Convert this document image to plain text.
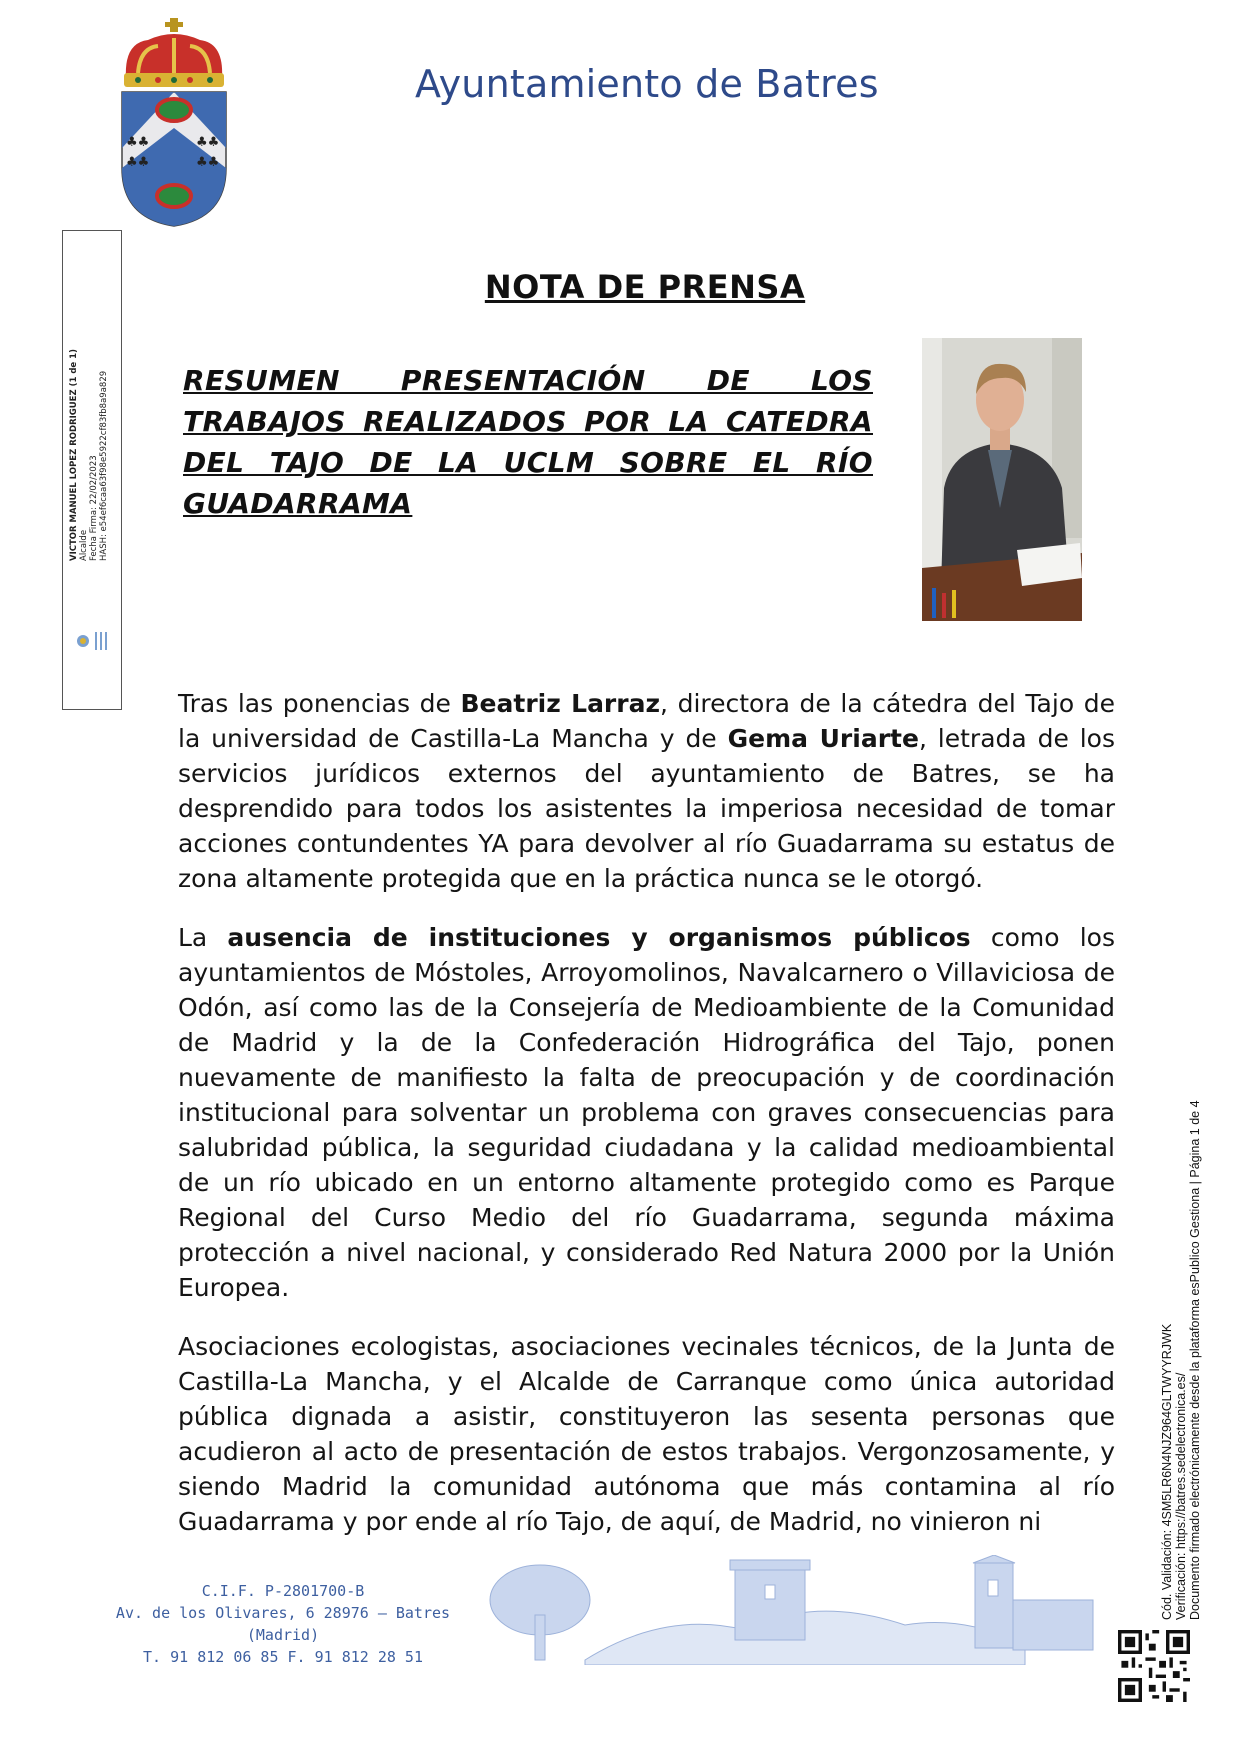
♣♣
♣♣
♣♣
♣♣
Ayuntamiento de Batres
VICTOR MANUEL LOPEZ RODRIGUEZ (1 de 1) Alcalde Fecha Firma: 22/02/2023 HASH: e54ef6caa63f98e5922cf83fb8a9a829
NOTA DE PRENSA
RESUMEN PRESENTACIÓN DE LOS TRABAJOS REALIZADOS POR LA CATEDRA DEL TAJO DE LA UCLM SOBRE EL RÍO GUADARRAMA

Tras las ponencias de Beatriz Larraz, directora de la cátedra del Tajo de la universidad de Castilla-La Mancha y de Gema Uriarte, letrada de los servicios jurídicos externos del ayuntamiento de Batres, se ha desprendido para todos los asistentes la imperiosa necesidad de tomar acciones contundentes YA para devolver al río Guadarrama su estatus de zona altamente protegida que en la práctica nunca se le otorgó.

La ausencia de instituciones y organismos públicos como los ayuntamientos de Móstoles, Arroyomolinos, Navalcarnero o Villaviciosa de Odón, así como las de la Consejería de Medioambiente de la Comunidad de Madrid y la de la Confederación Hidrográfica del Tajo, ponen nuevamente de manifiesto la falta de preocupación y de coordinación institucional para solventar un problema con graves consecuencias para salubridad pública, la seguridad ciudadana y la calidad medioambiental de un río ubicado en un entorno altamente protegido como es Parque Regional del Curso Medio del río Guadarrama, segunda máxima protección a nivel nacional, y considerado Red Natura 2000 por la Unión Europea.

Asociaciones ecologistas, asociaciones vecinales técnicos, de la Junta de Castilla-La Mancha, y el Alcalde de Carranque como única autoridad pública dignada a asistir, constituyeron las sesenta personas que acudieron al acto de presentación de estos trabajos. Vergonzosamente, y siendo Madrid la comunidad autónoma que más contamina al río Guadarrama y por ende al río Tajo, de aquí, de Madrid, no vinieron ni

C.I.F. P-2801700-B
Av. de los Olivares, 6 28976 – Batres (Madrid)
T. 91 812 06 85 F. 91 812 28 51
Cód. Validación: 4SM5LR6N4NJZ964GLTWYYRJWK Verificación: https://batres.sedelectronica.es/ Documento firmado electrónicamente desde la plataforma esPublico Gestiona | Página 1 de 4
